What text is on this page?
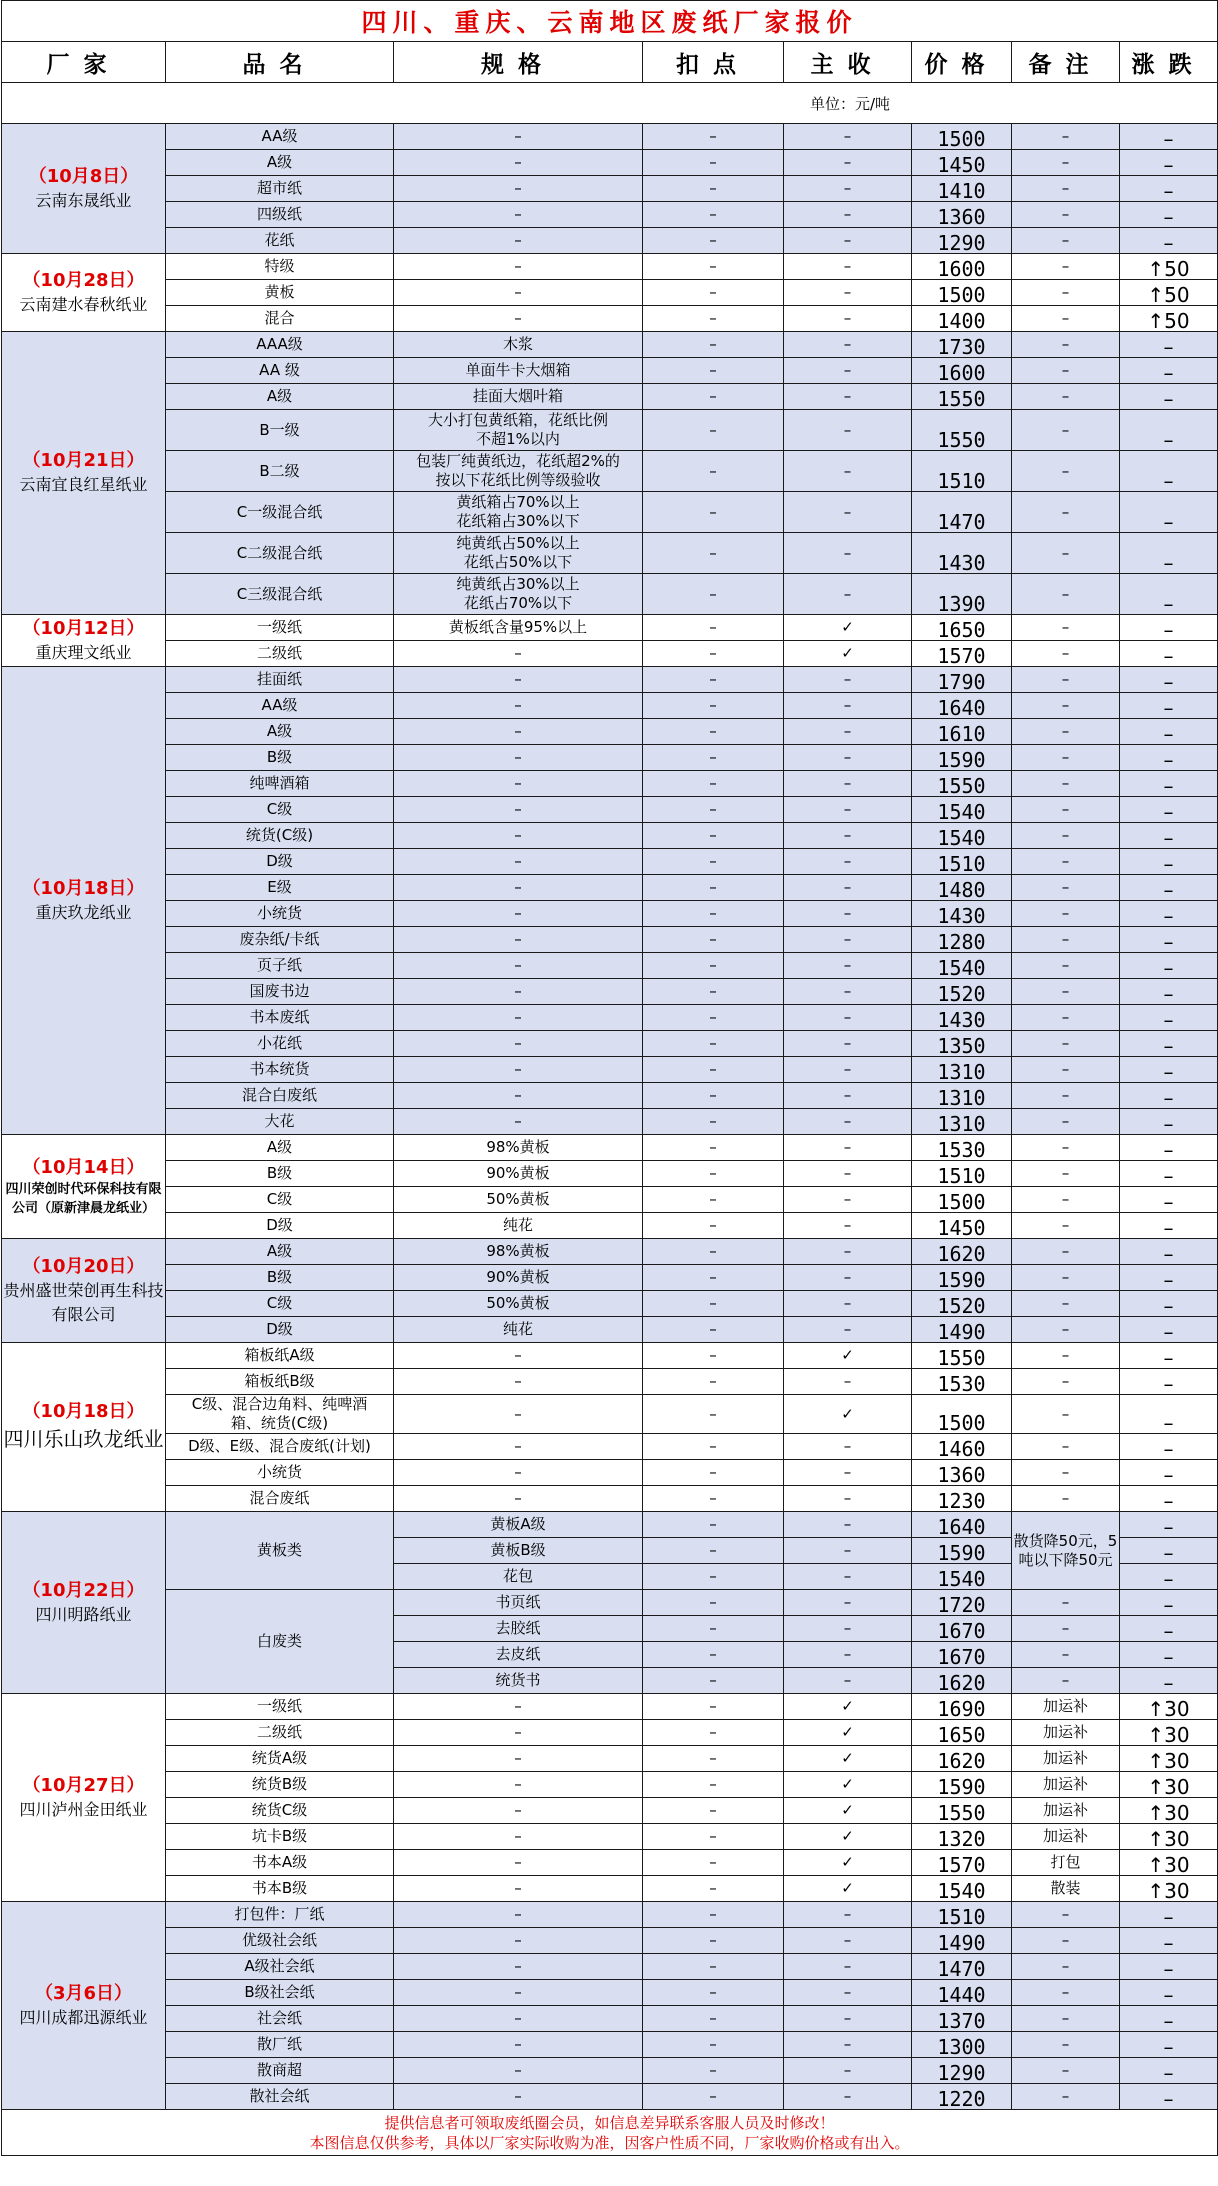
四川、重庆、云南地区废纸厂家报价							
厂家	品名	规格	扣点	主收	价格	备注	涨跌
单位：元/吨							

（10月8日）
云南东晟纸业	AA级	–	–	–	1500	–	–
	A级	–	–	–	1450	–	–
	超市纸	–	–	–	1410	–	–
	四级纸	–	–	–	1360	–	–
	花纸	–	–	–	1290	–	–

（10月28日）
云南建水春秋纸业	特级	–	–	–	1600	–	↑50
	黄板	–	–	–	1500	–	↑50
	混合	–	–	–	1400	–	↑50

（10月21日）
云南宜良红星纸业	AAA级	木浆	–	–	1730	–	–
	AA 级	单面牛卡大烟箱	–	–	1600	–	–
	A级	挂面大烟叶箱	–	–	1550	–	–
	B一级	大小打包黄纸箱，花纸比例
不超1%以内	–	–	1550	–	–
	B二级	包装厂纯黄纸边，花纸超2%的
按以下花纸比例等级验收	–	–	1510	–	–
	C一级混合纸	黄纸箱占70%以上
花纸箱占30%以下	–	–	1470	–	–
	C二级混合纸	纯黄纸占50%以上
花纸占50%以下	–	–	1430	–	–
	C三级混合纸	纯黄纸占30%以上
花纸占70%以下	–	–	1390	–	–

（10月12日）
重庆理文纸业	一级纸	黄板纸含量95%以上	–	✓	1650	–	–
	二级纸	–	–	✓	1570	–	–

（10月18日）
重庆玖龙纸业	挂面纸	–	–	–	1790	–	–
	AA级	–	–	–	1640	–	–
	A级	–	–	–	1610	–	–
	B级	–	–	–	1590	–	–
	纯啤酒箱	–	–	–	1550	–	–
	C级	–	–	–	1540	–	–
	统货(C级)	–	–	–	1540	–	–
	D级	–	–	–	1510	–	–
	E级	–	–	–	1480	–	–
	小统货	–	–	–	1430	–	–
	废杂纸/卡纸	–	–	–	1280	–	–
	页子纸	–	–	–	1540	–	–
	国废书边	–	–	–	1520	–	–
	书本废纸	–	–	–	1430	–	–
	小花纸	–	–	–	1350	–	–
	书本统货	–	–	–	1310	–	–
	混合白废纸	–	–	–	1310	–	–
	大花	–	–	–	1310	–	–

（10月14日）
四川荣创时代环保科技有限公司（原新津晨龙纸业）	A级	98%黄板	–	–	1530	–	–
	B级	90%黄板	–	–	1510	–	–
	C级	50%黄板	–	–	1500	–	–
	D级	纯花	–	–	1450	–	–

（10月20日）
贵州盛世荣创再生科技有限公司	A级	98%黄板	–	–	1620	–	–
	B级	90%黄板	–	–	1590	–	–
	C级	50%黄板	–	–	1520	–	–
	D级	纯花	–	–	1490	–	–

（10月18日）
四川乐山玖龙纸业	箱板纸A级	–	–	✓	1550	–	–
	箱板纸B级	–	–	–	1530	–	–
	C级、混合边角料、纯啤酒
箱、统货(C级)	–	–	✓	1500	–	–
	D级、E级、混合废纸(计划)	–	–	–	1460	–	–
	小统货	–	–	–	1360	–	–
	混合废纸	–	–	–	1230	–	–

（10月22日）
四川明路纸业	黄板类	黄板A级	–	–	1640	散货降50元，5吨以下降50元	–
		黄板B级	–	–	1590		–
		花包	–	–	1540		–
	白废类	书页纸	–	–	1720	–	–
		去胶纸	–	–	1670	–	–
		去皮纸	–	–	1670	–	–
		统货书	–	–	1620	–	–

（10月27日）
四川泸州金田纸业	一级纸	–	–	✓	1690	加运补	↑30
	二级纸	–	–	✓	1650	加运补	↑30
	统货A级	–	–	✓	1620	加运补	↑30
	统货B级	–	–	✓	1590	加运补	↑30
	统货C级	–	–	✓	1550	加运补	↑30
	坑卡B级	–	–	✓	1320	加运补	↑30
	书本A级	–	–	✓	1570	打包	↑30
	书本B级	–	–	✓	1540	散装	↑30

（3月6日）
四川成都迅源纸业	打包件：厂纸	–	–	–	1510	–	–
	优级社会纸	–	–	–	1490	–	–
	A级社会纸	–	–	–	1470	–	–
	B级社会纸	–	–	–	1440	–	–
	社会纸	–	–	–	1370	–	–
	散厂纸	–	–	–	1300	–	–
	散商超	–	–	–	1290	–	–
	散社会纸	–	–	–	1220	–	–

提供信息者可领取废纸圈会员，如信息差异联系客服人员及时修改！
本图信息仅供参考，具体以厂家实际收购为准，因客户性质不同，厂家收购价格或有出入。							
